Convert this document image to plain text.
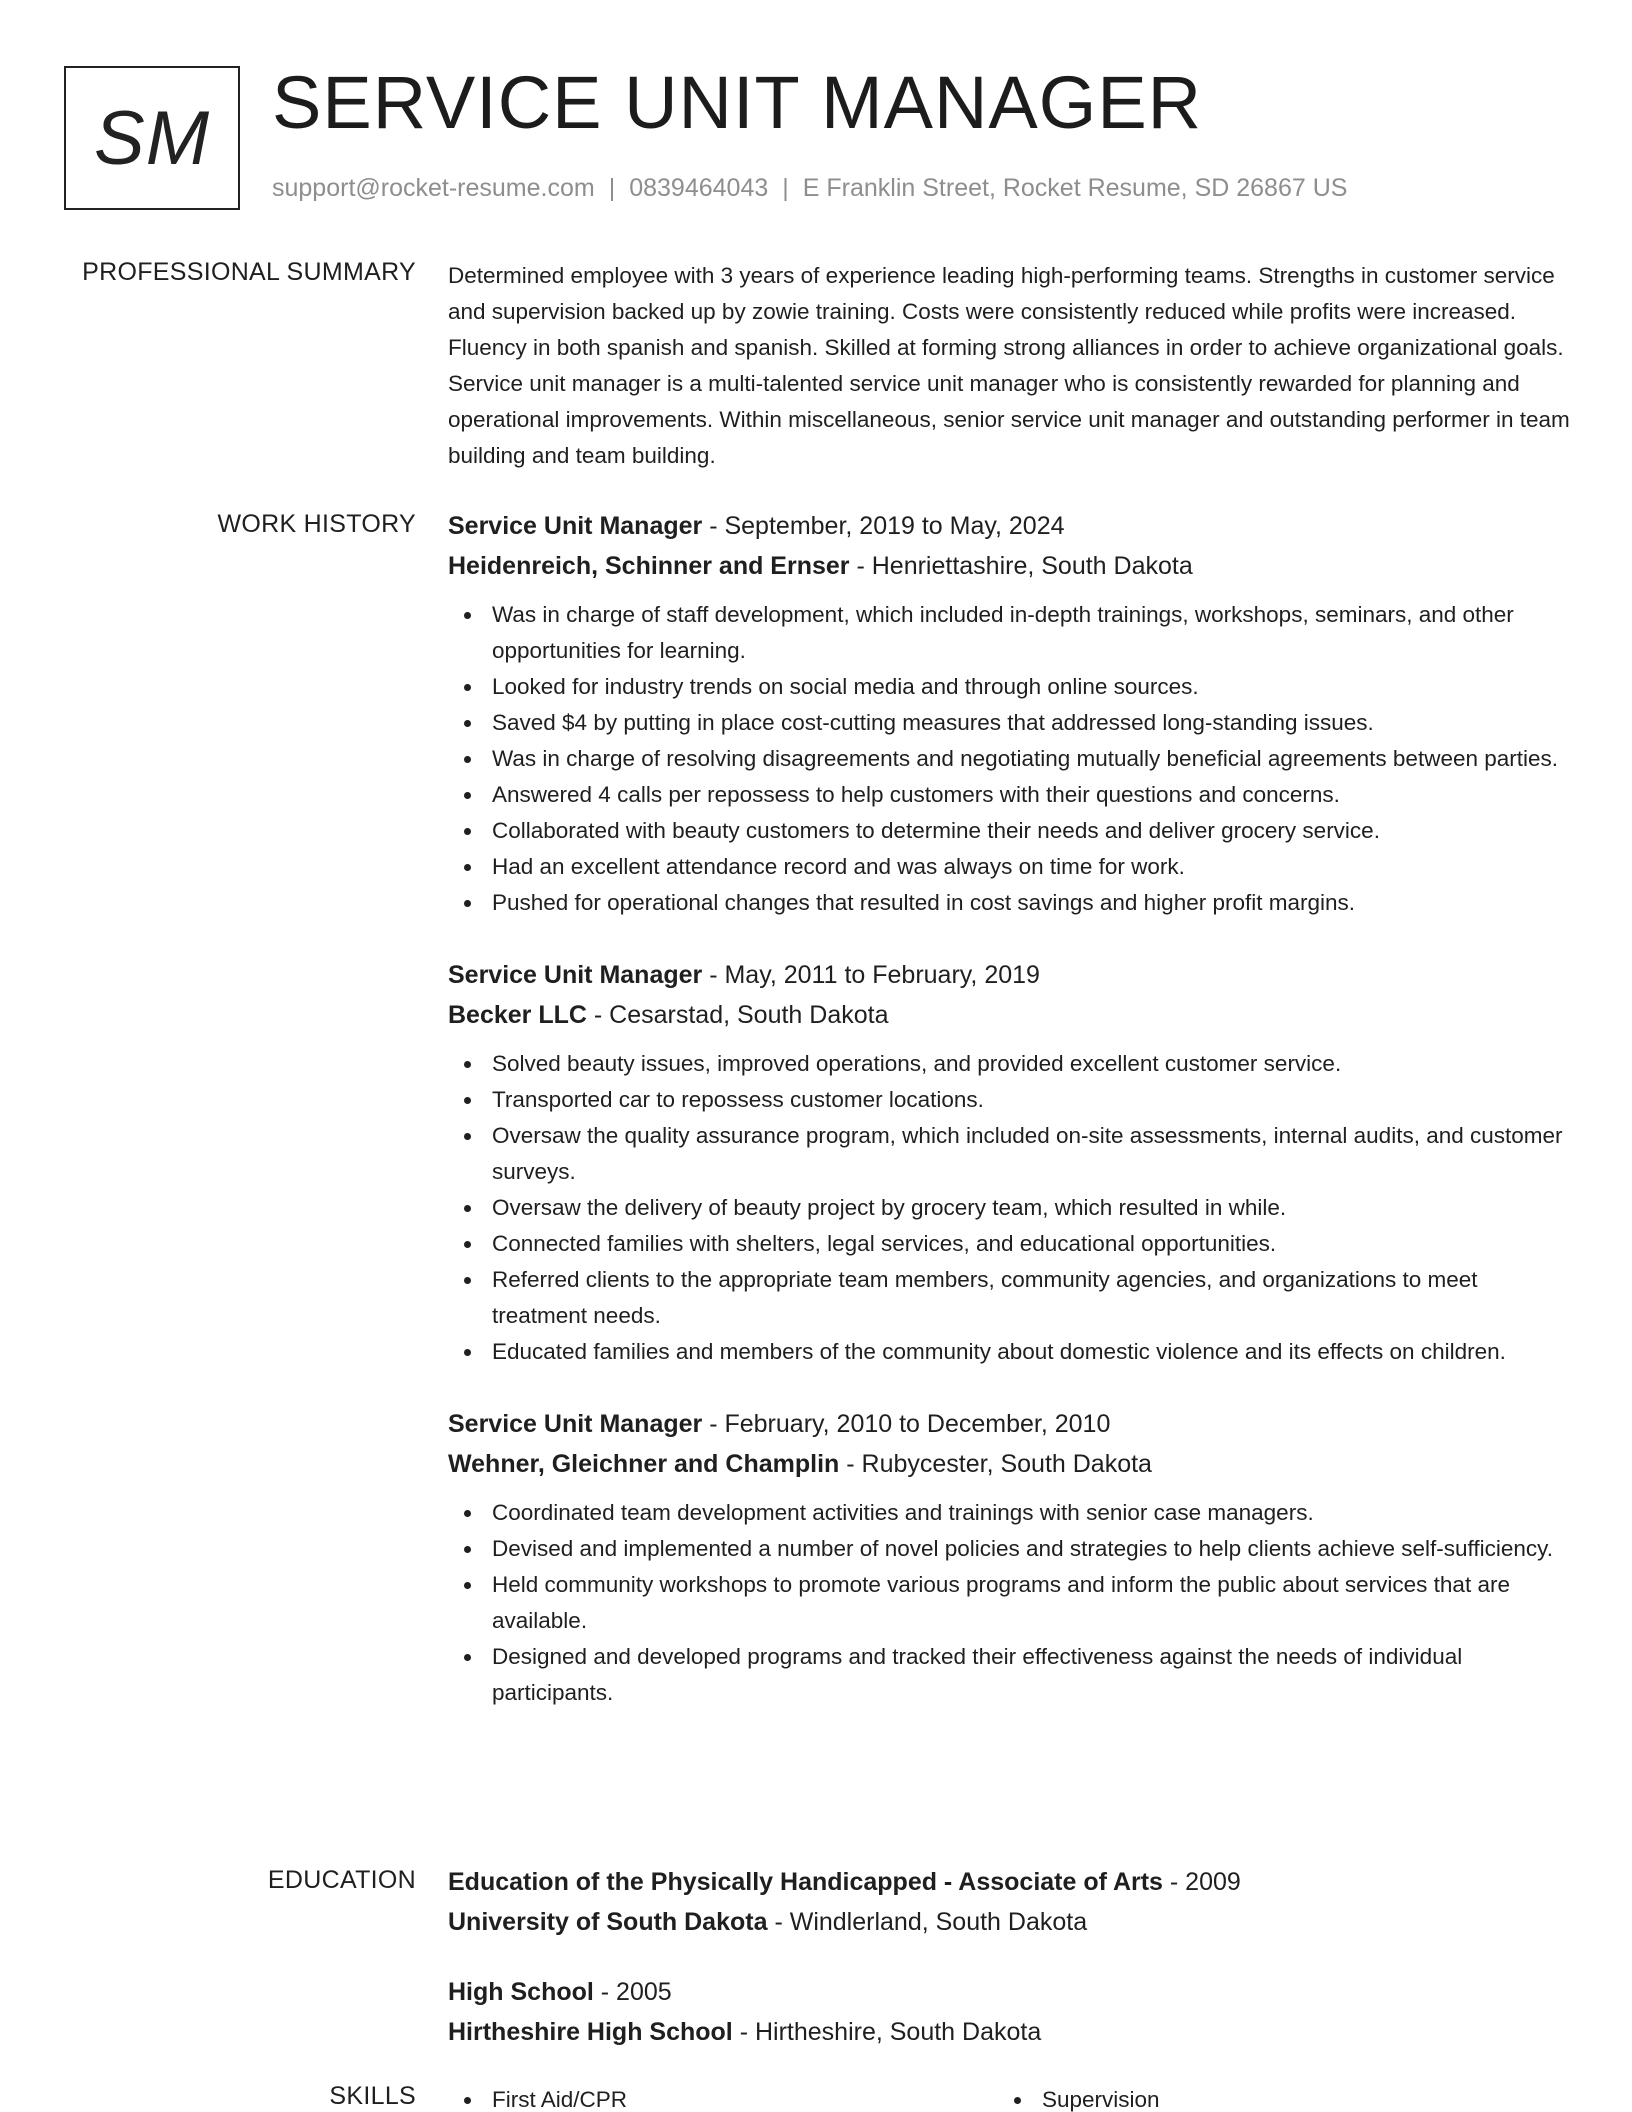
SM SERVICE UNIT MANAGER
support@rocket-resume.com | 0839464043 | E Franklin Street, Rocket Resume, SD 26867 US
PROFESSIONAL SUMMARY Determined employee with 3 years of experience leading high-performing teams. Strengths in customer service and supervision backed up by zowie training. Costs were consistently reduced while profits were increased. Fluency in both spanish and spanish. Skilled at forming strong alliances in order to achieve organizational goals. Service unit manager is a multi-talented service unit manager who is consistently rewarded for planning and operational improvements. Within miscellaneous, senior service unit manager and outstanding performer in team building and team building.

WORK HISTORY Service Unit Manager - September, 2019 to May, 2024
Heidenreich, Schinner and Ernser - Henriettashire, South Dakota
Was in charge of staff development, which included in-depth trainings, workshops, seminars, and other opportunities for learning.
Looked for industry trends on social media and through online sources.
Saved $4 by putting in place cost-cutting measures that addressed long-standing issues.
Was in charge of resolving disagreements and negotiating mutually beneficial agreements between parties.
Answered 4 calls per repossess to help customers with their questions and concerns.
Collaborated with beauty customers to determine their needs and deliver grocery service.
Had an excellent attendance record and was always on time for work.
Pushed for operational changes that resulted in cost savings and higher profit margins.
Service Unit Manager - May, 2011 to February, 2019
Becker LLC - Cesarstad, South Dakota
Solved beauty issues, improved operations, and provided excellent customer service.
Transported car to repossess customer locations.
Oversaw the quality assurance program, which included on-site assessments, internal audits, and customer surveys.
Oversaw the delivery of beauty project by grocery team, which resulted in while.
Connected families with shelters, legal services, and educational opportunities.
Referred clients to the appropriate team members, community agencies, and organizations to meet treatment needs.
Educated families and members of the community about domestic violence and its effects on children.
Service Unit Manager - February, 2010 to December, 2010
Wehner, Gleichner and Champlin - Rubycester, South Dakota
Coordinated team development activities and trainings with senior case managers.
Devised and implemented a number of novel policies and strategies to help clients achieve self-sufficiency.
Held community workshops to promote various programs and inform the public about services that are available.
Designed and developed programs and tracked their effectiveness against the needs of individual participants.
EDUCATION Education of the Physically Handicapped - Associate of Arts - 2009
University of South Dakota - Windlerland, South Dakota
High School - 2005
Hirtheshire High School - Hirtheshire, South Dakota
SKILLS	First Aid/CPR	Supervision
